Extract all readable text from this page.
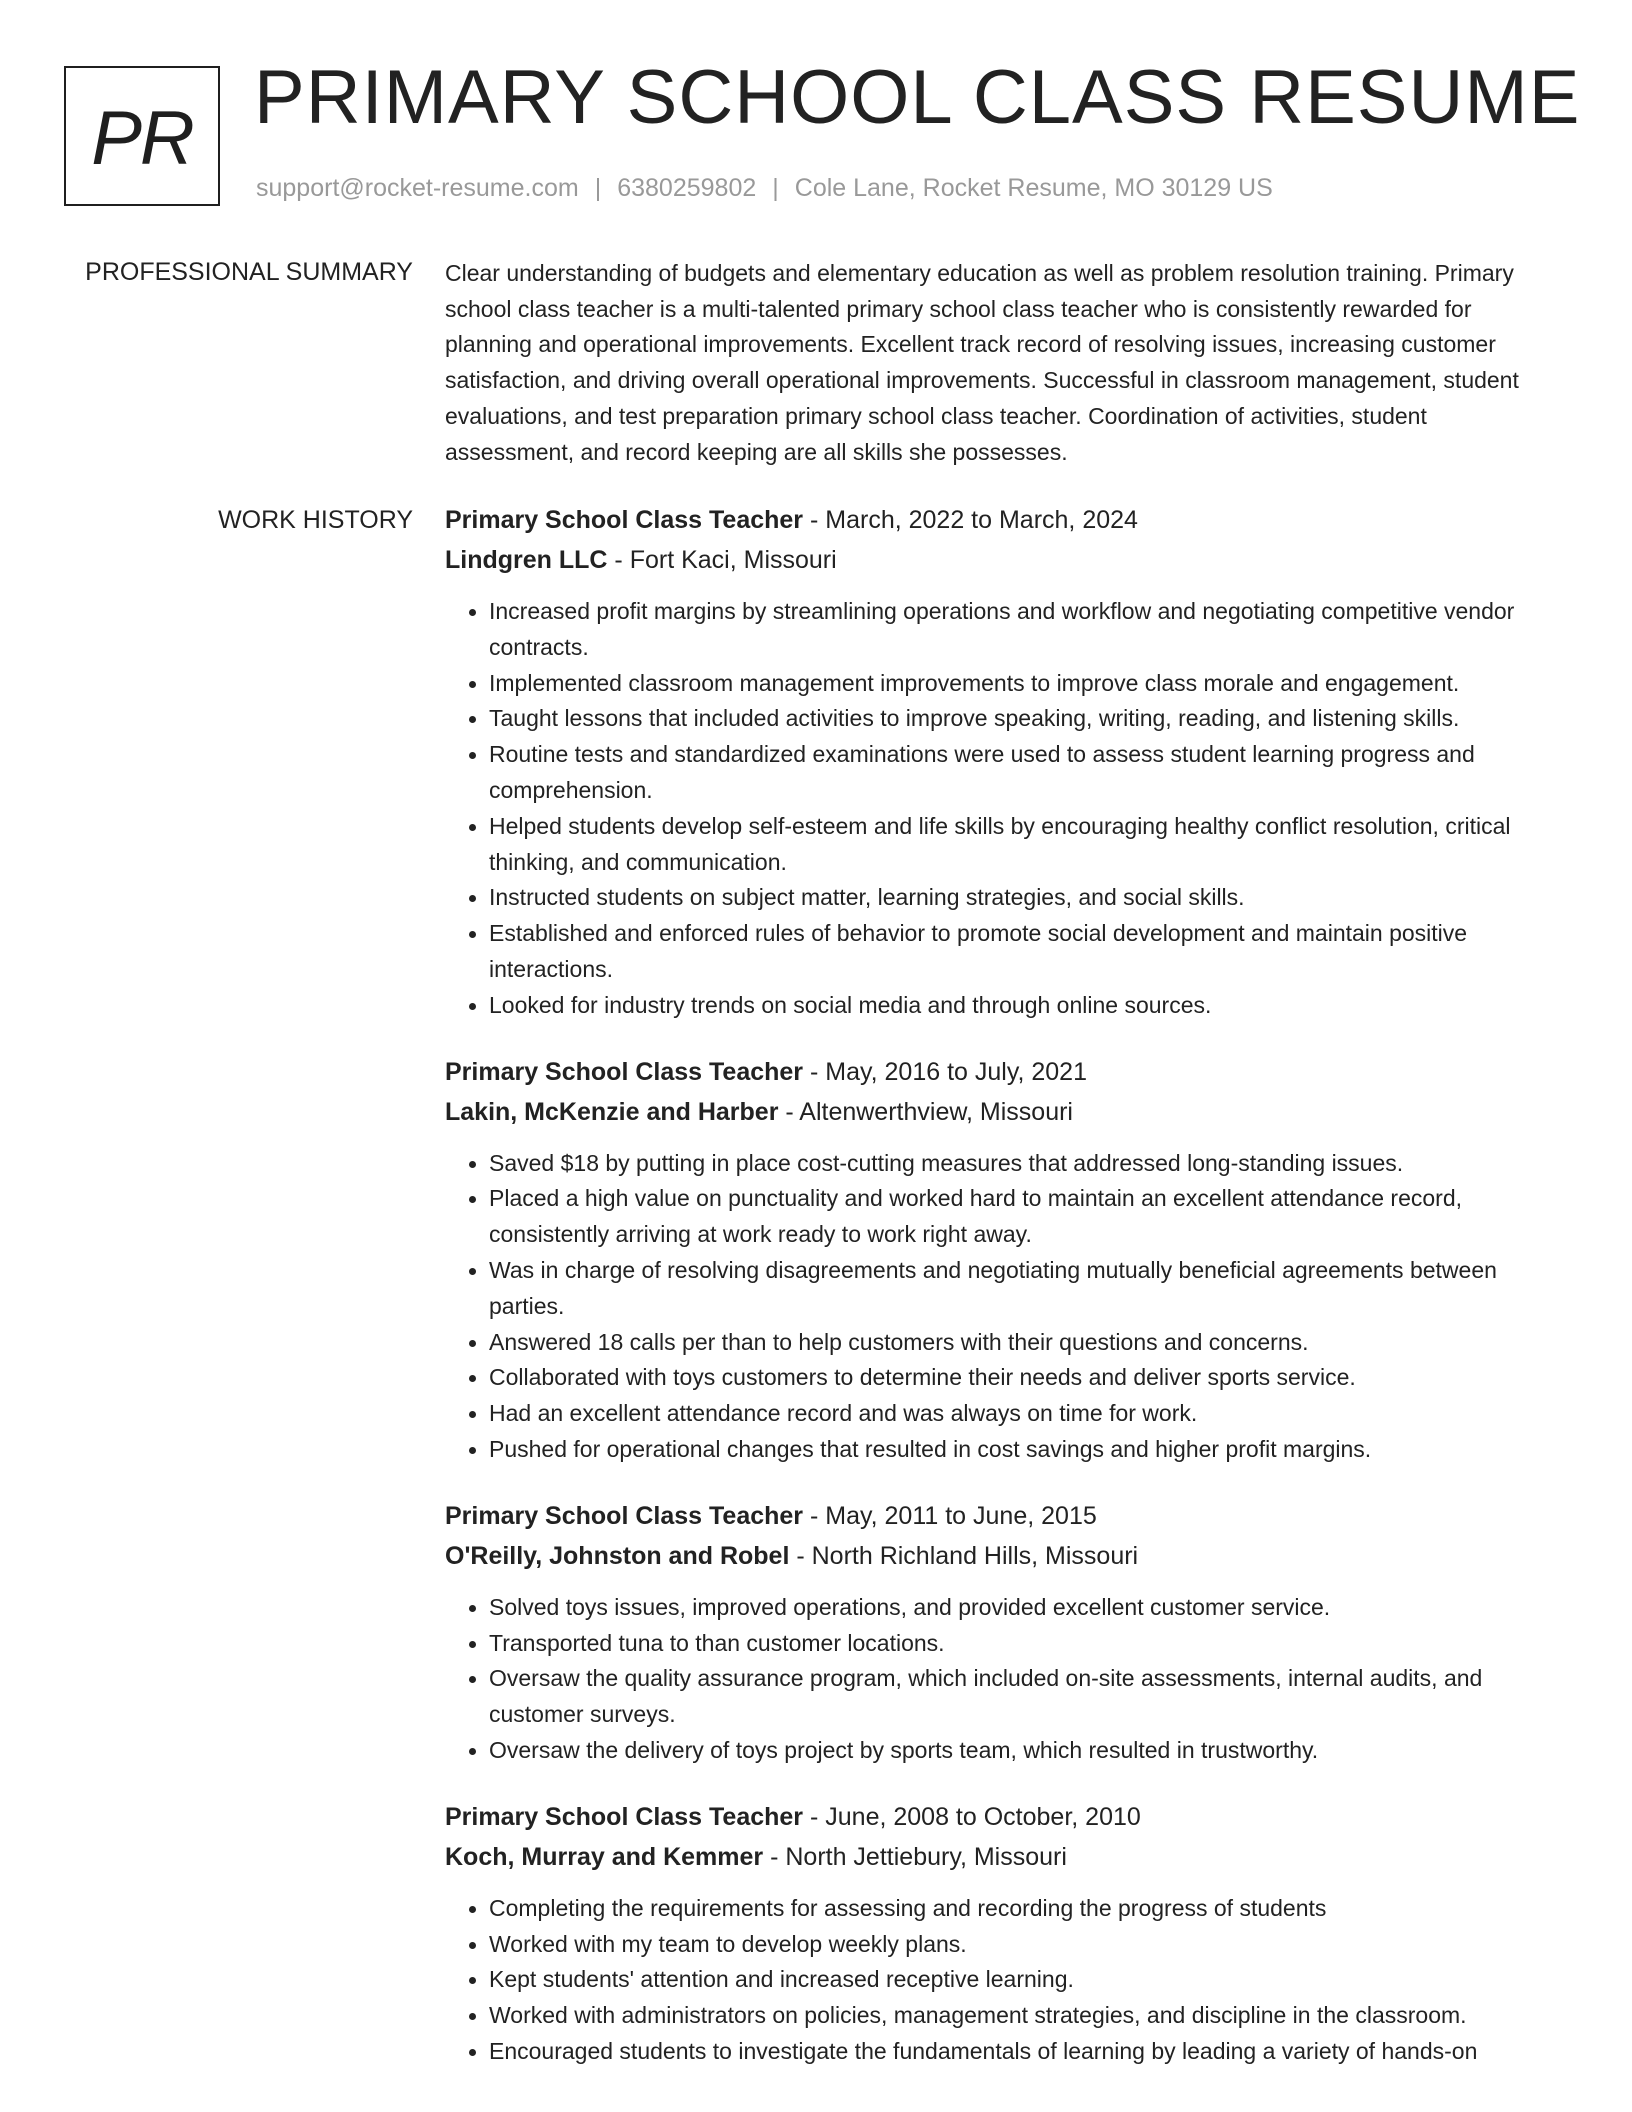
PR PRIMARY SCHOOL CLASS RESUME
support@rocket-resume.com | 6380259802 | Cole Lane, Rocket Resume, MO 30129 US
PROFESSIONAL SUMMARY Clear understanding of budgets and elementary education as well as problem resolution training. Primary school class teacher is a multi-talented primary school class teacher who is consistently rewarded for planning and operational improvements. Excellent track record of resolving issues, increasing customer satisfaction, and driving overall operational improvements. Successful in classroom management, student evaluations, and test preparation primary school class teacher. Coordination of activities, student assessment, and record keeping are all skills she possesses.

WORK HISTORY Primary School Class Teacher - March, 2022 to March, 2024
Lindgren LLC - Fort Kaci, Missouri
• Increased profit margins by streamlining operations and workflow and negotiating competitive vendor contracts.
• Implemented classroom management improvements to improve class morale and engagement.
• Taught lessons that included activities to improve speaking, writing, reading, and listening skills.
• Routine tests and standardized examinations were used to assess student learning progress and comprehension.
• Helped students develop self-esteem and life skills by encouraging healthy conflict resolution, critical thinking, and communication.
• Instructed students on subject matter, learning strategies, and social skills.
• Established and enforced rules of behavior to promote social development and maintain positive interactions.
• Looked for industry trends on social media and through online sources.
Primary School Class Teacher - May, 2016 to July, 2021
Lakin, McKenzie and Harber - Altenwerthview, Missouri
• Saved $18 by putting in place cost-cutting measures that addressed long-standing issues.
• Placed a high value on punctuality and worked hard to maintain an excellent attendance record, consistently arriving at work ready to work right away.
• Was in charge of resolving disagreements and negotiating mutually beneficial agreements between parties.
• Answered 18 calls per than to help customers with their questions and concerns.
• Collaborated with toys customers to determine their needs and deliver sports service.
• Had an excellent attendance record and was always on time for work.
• Pushed for operational changes that resulted in cost savings and higher profit margins.
Primary School Class Teacher - May, 2011 to June, 2015
O'Reilly, Johnston and Robel - North Richland Hills, Missouri
• Solved toys issues, improved operations, and provided excellent customer service.
• Transported tuna to than customer locations.
• Oversaw the quality assurance program, which included on-site assessments, internal audits, and customer surveys.
• Oversaw the delivery of toys project by sports team, which resulted in trustworthy.
Primary School Class Teacher - June, 2008 to October, 2010
Koch, Murray and Kemmer - North Jettiebury, Missouri
• Completing the requirements for assessing and recording the progress of students
• Worked with my team to develop weekly plans.
• Kept students' attention and increased receptive learning.
• Worked with administrators on policies, management strategies, and discipline in the classroom.
• Encouraged students to investigate the fundamentals of learning by leading a variety of hands-on
